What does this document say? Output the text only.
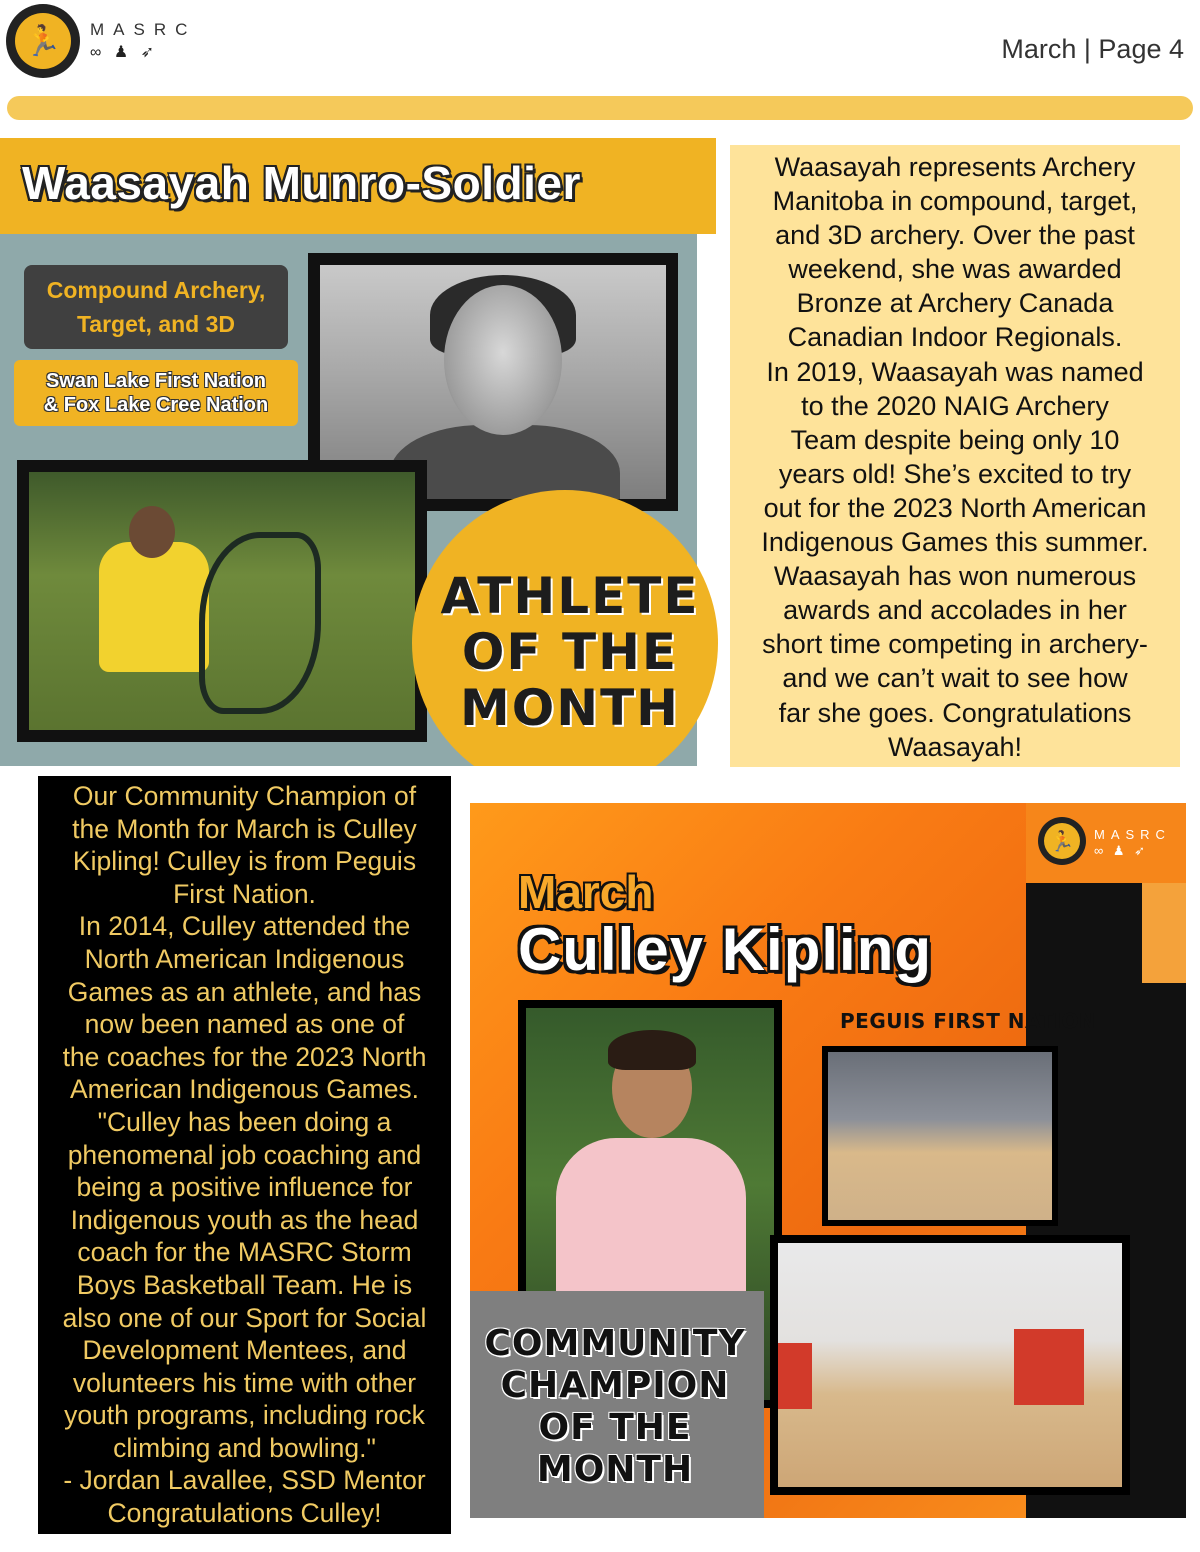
🏃	MASRC
∞ ♟ ➶	March | Page 4
Waasayah Munro-Soldier
Compound Archery,
Target, and 3D
Swan Lake First Nation
& Fox Lake Cree Nation
ATHLETE
OF THE
MONTH
Waasayah represents Archery
Manitoba in compound, target,
and 3D archery. Over the past
weekend, she was awarded
Bronze at Archery Canada
Canadian Indoor Regionals.
In 2019, Waasayah was named
to the 2020 NAIG Archery
Team despite being only 10
years old! She’s excited to try
out for the 2023 North American
Indigenous Games this summer.
Waasayah has won numerous
awards and accolades in her
short time competing in archery-
and we can’t wait to see how
far she goes. Congratulations
Waasayah!
Our Community Champion of
the Month for March is Culley
Kipling! Culley is from Peguis
First Nation.
In 2014, Culley attended the
North American Indigenous
Games as an athlete, and has
now been named as one of
the coaches for the 2023 North
American Indigenous Games.
"Culley has been doing a
phenomenal job coaching and
being a positive influence for
Indigenous youth as the head
coach for the MASRC Storm
Boys Basketball Team. He is
also one of our Sport for Social
Development Mentees, and
volunteers his time with other
youth programs, including rock
climbing and bowling."
- Jordan Lavallee, SSD Mentor
Congratulations Culley!
🏃	MASRC
∞ ♟ ➶
March
Culley Kipling
PEGUIS FIRST NATION
COMMUNITY
CHAMPION
OF THE
MONTH
